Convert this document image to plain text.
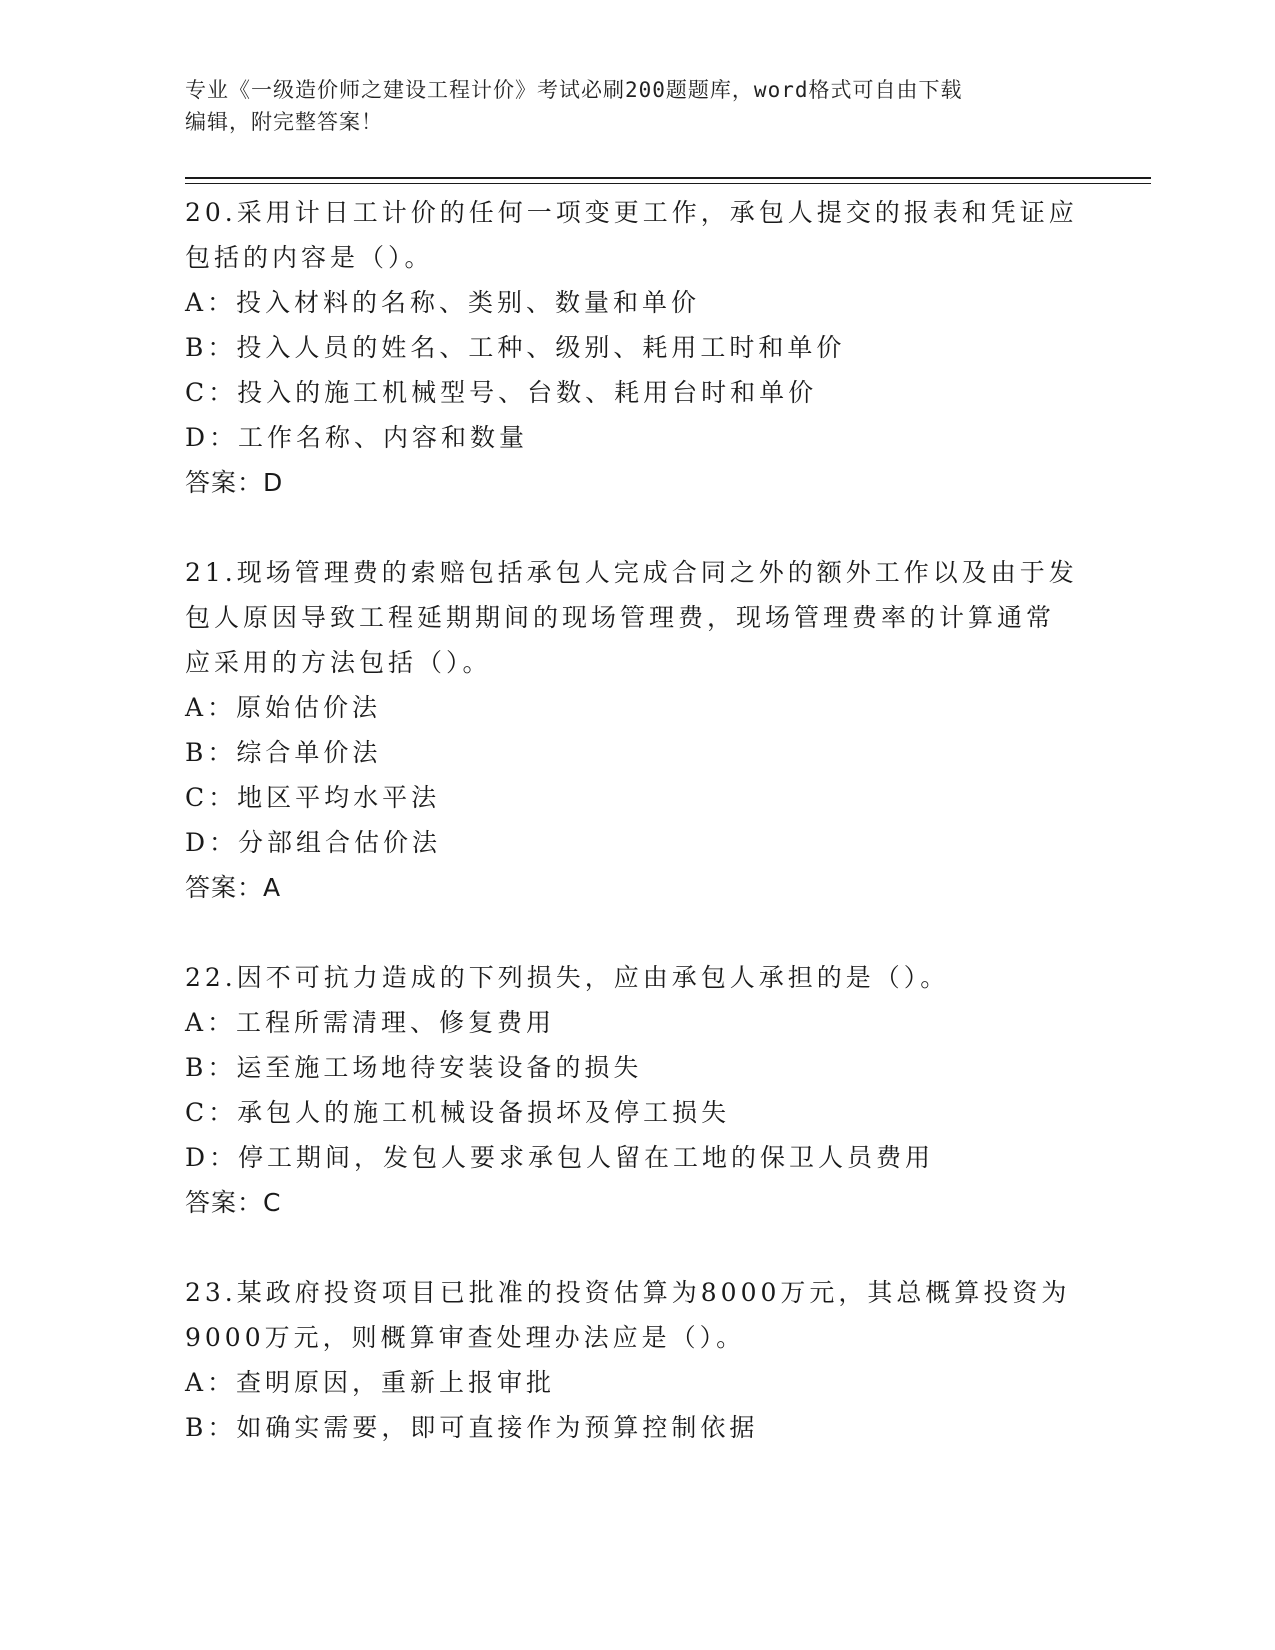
专业《一级造价师之建设工程计价》考试必刷200题题库，word格式可自由下载
编辑，附完整答案！

20.采用计日工计价的任何一项变更工作，承包人提交的报表和凭证应

包括的内容是（）。

A：投入材料的名称、类别、数量和单价

B：投入人员的姓名、工种、级别、耗用工时和单价

C：投入的施工机械型号、台数、耗用台时和单价

D：工作名称、内容和数量

答案：D

21.现场管理费的索赔包括承包人完成合同之外的额外工作以及由于发

包人原因导致工程延期期间的现场管理费，现场管理费率的计算通常

应采用的方法包括（）。

A：原始估价法

B：综合单价法

C：地区平均水平法

D：分部组合估价法

答案：A

22.因不可抗力造成的下列损失，应由承包人承担的是（）。

A：工程所需清理、修复费用

B：运至施工场地待安装设备的损失

C：承包人的施工机械设备损坏及停工损失

D：停工期间，发包人要求承包人留在工地的保卫人员费用

答案：C

23.某政府投资项目已批准的投资估算为8000万元，其总概算投资为

9000万元，则概算审查处理办法应是（）。

A：查明原因，重新上报审批

B：如确实需要，即可直接作为预算控制依据
